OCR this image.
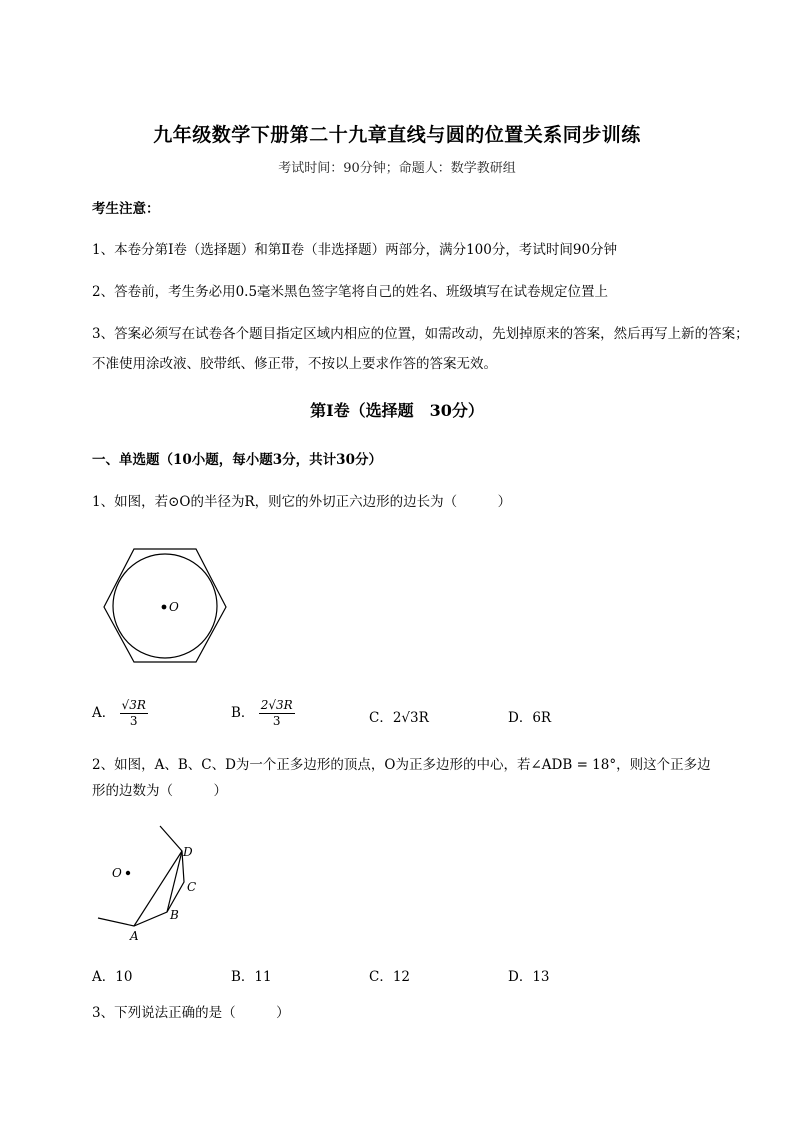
九年级数学下册第二十九章直线与圆的位置关系同步训练
考试时间：90分钟；命题人：数学教研组
考生注意：
1、本卷分第I卷（选择题）和第Ⅱ卷（非选择题）两部分，满分100分，考试时间90分钟
2、答卷前，考生务必用0.5毫米黑色签字笔将自己的姓名、班级填写在试卷规定位置上
3、答案必须写在试卷各个题目指定区域内相应的位置，如需改动，先划掉原来的答案，然后再写上新的答案；不准使用涂改液、胶带纸、修正带，不按以上要求作答的答案无效。
第I卷（选择题　30分）
一、单选题（10小题，每小题3分，共计30分）
1、如图，若⊙O的半径为R，则它的外切正六边形的边长为（　　　）
O
A． $\frac{√3R}{3}$	B． $\frac{2√3R}{3}$	C．2√3R	D．6R
2、如图，A、B、C、D为一个正多边形的顶点，O为正多边形的中心，若∠ADB = 18°，则这个正多边
形的边数为（　　　）
O
A
B
C
D
A．10	B．11	C．12	D．13
3、下列说法正确的是（　　　）
